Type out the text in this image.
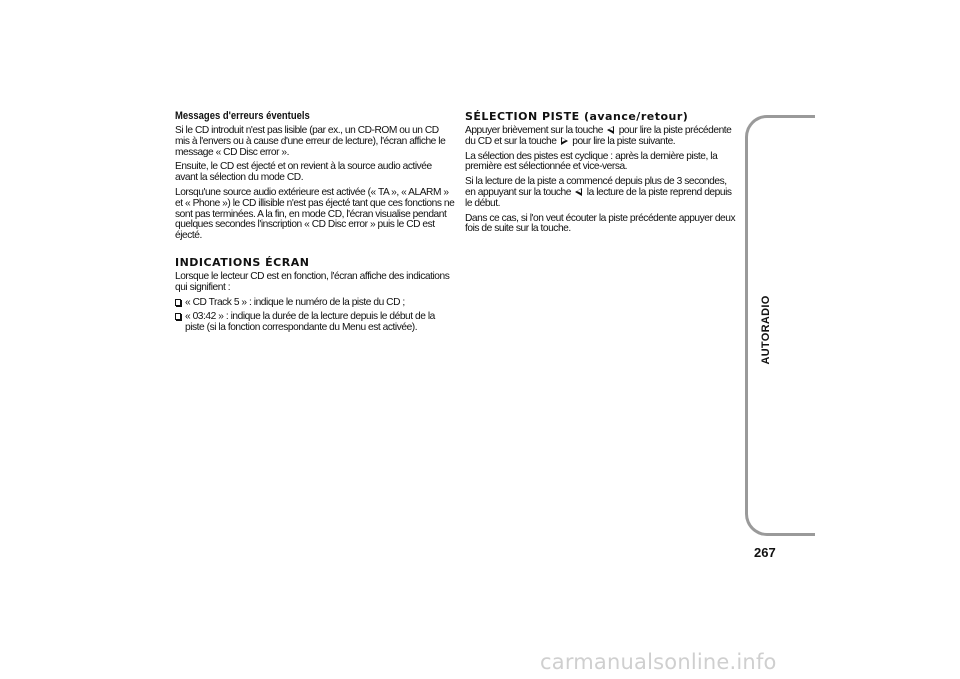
Messages d'erreurs éventuels

Si le CD introduit n'est pas lisible (par ex., un CD-ROM ou un CD mis à l'envers ou à cause d'une erreur de lecture), l'écran affiche le message « CD Disc error ».

Ensuite, le CD est éjecté et on revient à la source audio activée avant la sélection du mode CD.

Lorsqu'une source audio extérieure est activée (« TA », « ALARM » et « Phone ») le CD illisible n'est pas éjecté tant que ces fonctions ne sont pas terminées. A la fin, en mode CD, l'écran visualise pendant quelques secondes l'inscription « CD Disc error » puis le CD est éjecté.

INDICATIONS ÉCRAN

Lorsque le lecteur CD est en fonction, l'écran affiche des indications qui signifient :

« CD Track 5 » : indique le numéro de la piste du CD ;

« 03:42 » : indique la durée de la lecture depuis le début de la piste (si la fonction correspondante du Menu est activée).

SÉLECTION PISTE (avance/retour)

Appuyer brièvement sur la touche pour lire la piste précédente du CD et sur la touche pour lire la piste suivante.

La sélection des pistes est cyclique : après la dernière piste, la première est sélectionnée et vice-versa.

Si la lecture de la piste a commencé depuis plus de 3 secondes, en appuyant sur la touche la lecture de la piste reprend depuis le début.

Dans ce cas, si l'on veut écouter la piste précédente appuyer deux fois de suite sur la touche.

AUTORADIO
267
carmanualsonline.info
